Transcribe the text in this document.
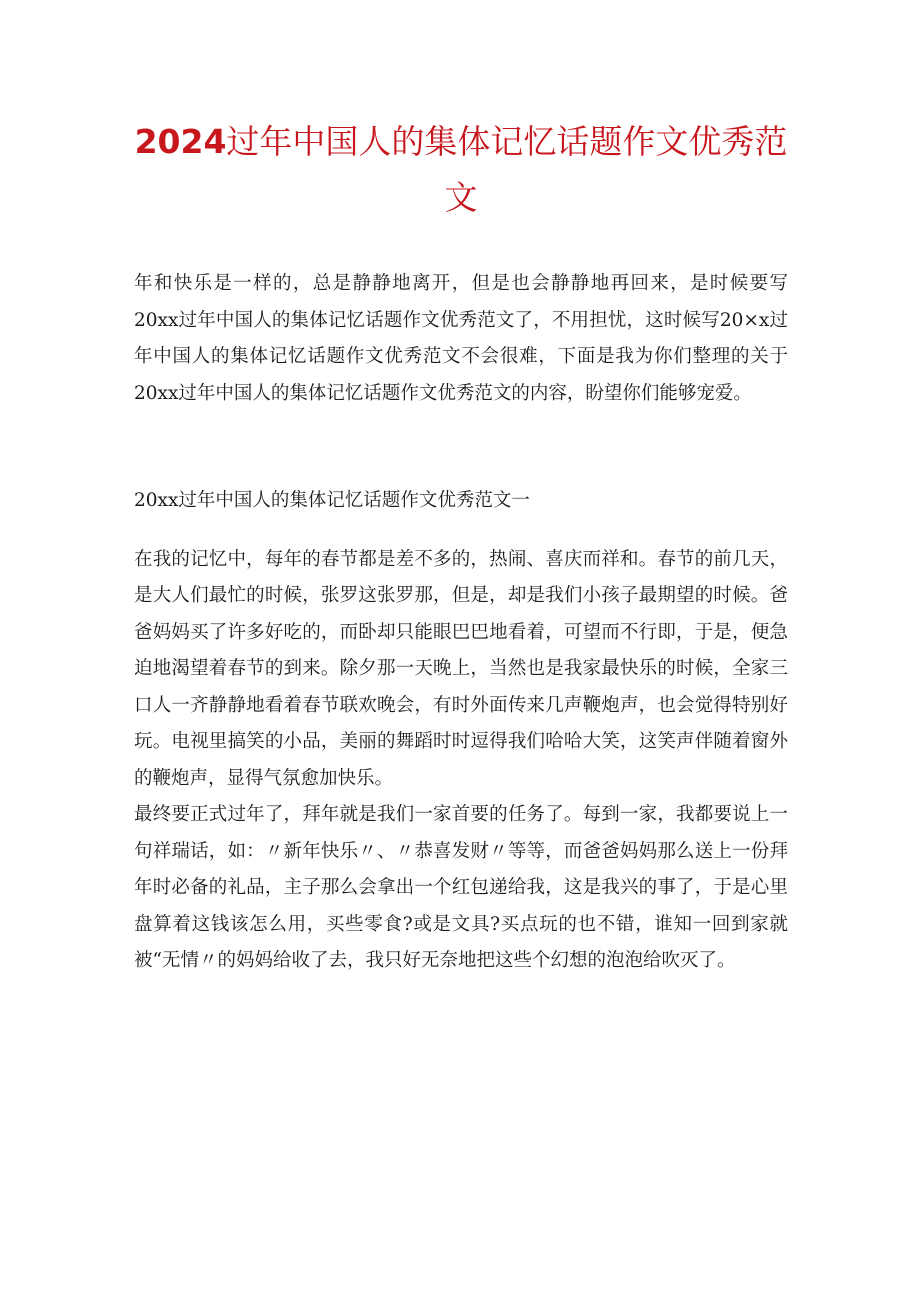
2024过年中国人的集体记忆话题作文优秀范文

年和快乐是一样的，总是静静地离开，但是也会静静地再回来，是时候要写20xx过年中国人的集体记忆话题作文优秀范文了，不用担忧，这时候写20×x过年中国人的集体记忆话题作文优秀范文不会很难，下面是我为你们整理的关于20xx过年中国人的集体记忆话题作文优秀范文的内容，盼望你们能够宠爱。

20xx过年中国人的集体记忆话题作文优秀范文一

在我的记忆中，每年的春节都是差不多的，热闹、喜庆而祥和。春节的前几天，是大人们最忙的时候，张罗这张罗那，但是，却是我们小孩子最期望的时候。爸爸妈妈买了许多好吃的，而卧却只能眼巴巴地看着，可望而不行即，于是，便急迫地渴望着春节的到来。除夕那一天晚上，当然也是我家最快乐的时候，全家三口人一齐静静地看着春节联欢晚会，有时外面传来几声鞭炮声，也会觉得特别好玩。电视里搞笑的小品，美丽的舞蹈时时逗得我们哈哈大笑，这笑声伴随着窗外的鞭炮声，显得气氛愈加快乐。

最终要正式过年了，拜年就是我们一家首要的任务了。每到一家，我都要说上一句祥瑞话，如：〃新年快乐〃、〃恭喜发财〃等等，而爸爸妈妈那么送上一份拜年时必备的礼品，主子那么会拿出一个红包递给我，这是我兴的事了，于是心里盘算着这钱该怎么用，买些零食?或是文具?买点玩的也不错，谁知一回到家就被“无情〃的妈妈给收了去，我只好无奈地把这些个幻想的泡泡给吹灭了。
